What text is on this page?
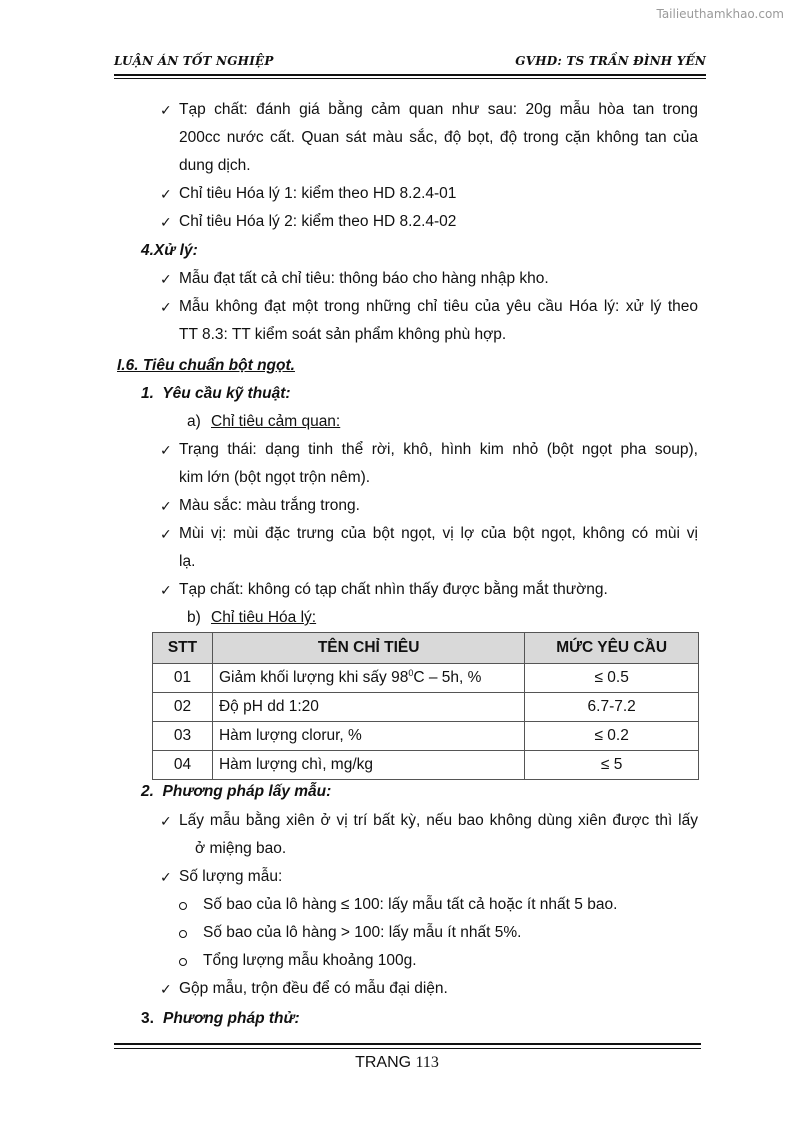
Tailieuthamkhao.com
LUẬN ÁN TỐT NGHIỆP	GVHD: TS TRẦN ĐÌNH YẾN
✓ Tạp chất: đánh giá bằng cảm quan như sau: 20g mẫu hòa tan trong
200cc nước cất. Quan sát màu sắc, độ bọt, độ trong cặn không tan của
dung dịch.
✓ Chỉ tiêu Hóa lý 1: kiểm theo HD 8.2.4-01
✓ Chỉ tiêu Hóa lý 2: kiểm theo HD 8.2.4-02
4.Xử lý:
✓ Mẫu đạt tất cả chỉ tiêu: thông báo cho hàng nhập kho.
✓ Mẫu không đạt một trong những chỉ tiêu của yêu cầu Hóa lý: xử lý theo
TT 8.3: TT kiểm soát sản phẩm không phù hợp.
I.6. Tiêu chuẩn bột ngọt.
1.  Yêu cầu kỹ thuật:
a) Chỉ tiêu cảm quan:
✓ Trạng thái: dạng tinh thể rời, khô, hình kim nhỏ (bột ngọt pha soup),
kim lớn (bột ngọt trộn nêm).
✓ Màu sắc: màu trắng trong.
✓ Mùi vị: mùi đặc trưng của bột ngọt, vị lợ của bột ngọt, không có mùi vị
lạ.
✓ Tạp chất: không có tạp chất nhìn thấy được bằng mắt thường.
b) Chỉ tiêu Hóa lý:
STT	TÊN CHỈ TIÊU	MỨC YÊU CẦU
01	Giảm khối lượng khi sấy $98^0C - 5h$, %	≤ 0.5
02	Độ pH dd 1:20	6.7-7.2
03	Hàm lượng clorur, %	≤ 0.2
04	Hàm lượng chì, mg/kg	≤ 5
2.  Phương pháp lấy mẫu:
✓ Lấy mẫu bằng xiên ở vị trí bất kỳ, nếu bao không dùng xiên được thì lấy
ở miệng bao.
✓ Số lượng mẫu:
Số bao của lô hàng ≤ 100: lấy mẫu tất cả hoặc ít nhất 5 bao.
Số bao của lô hàng > 100: lấy mẫu ít nhất 5%.
Tổng lượng mẫu khoảng 100g.
✓ Gộp mẫu, trộn đều để có mẫu đại diện.
3. Phương pháp thử:
TRANG 113
